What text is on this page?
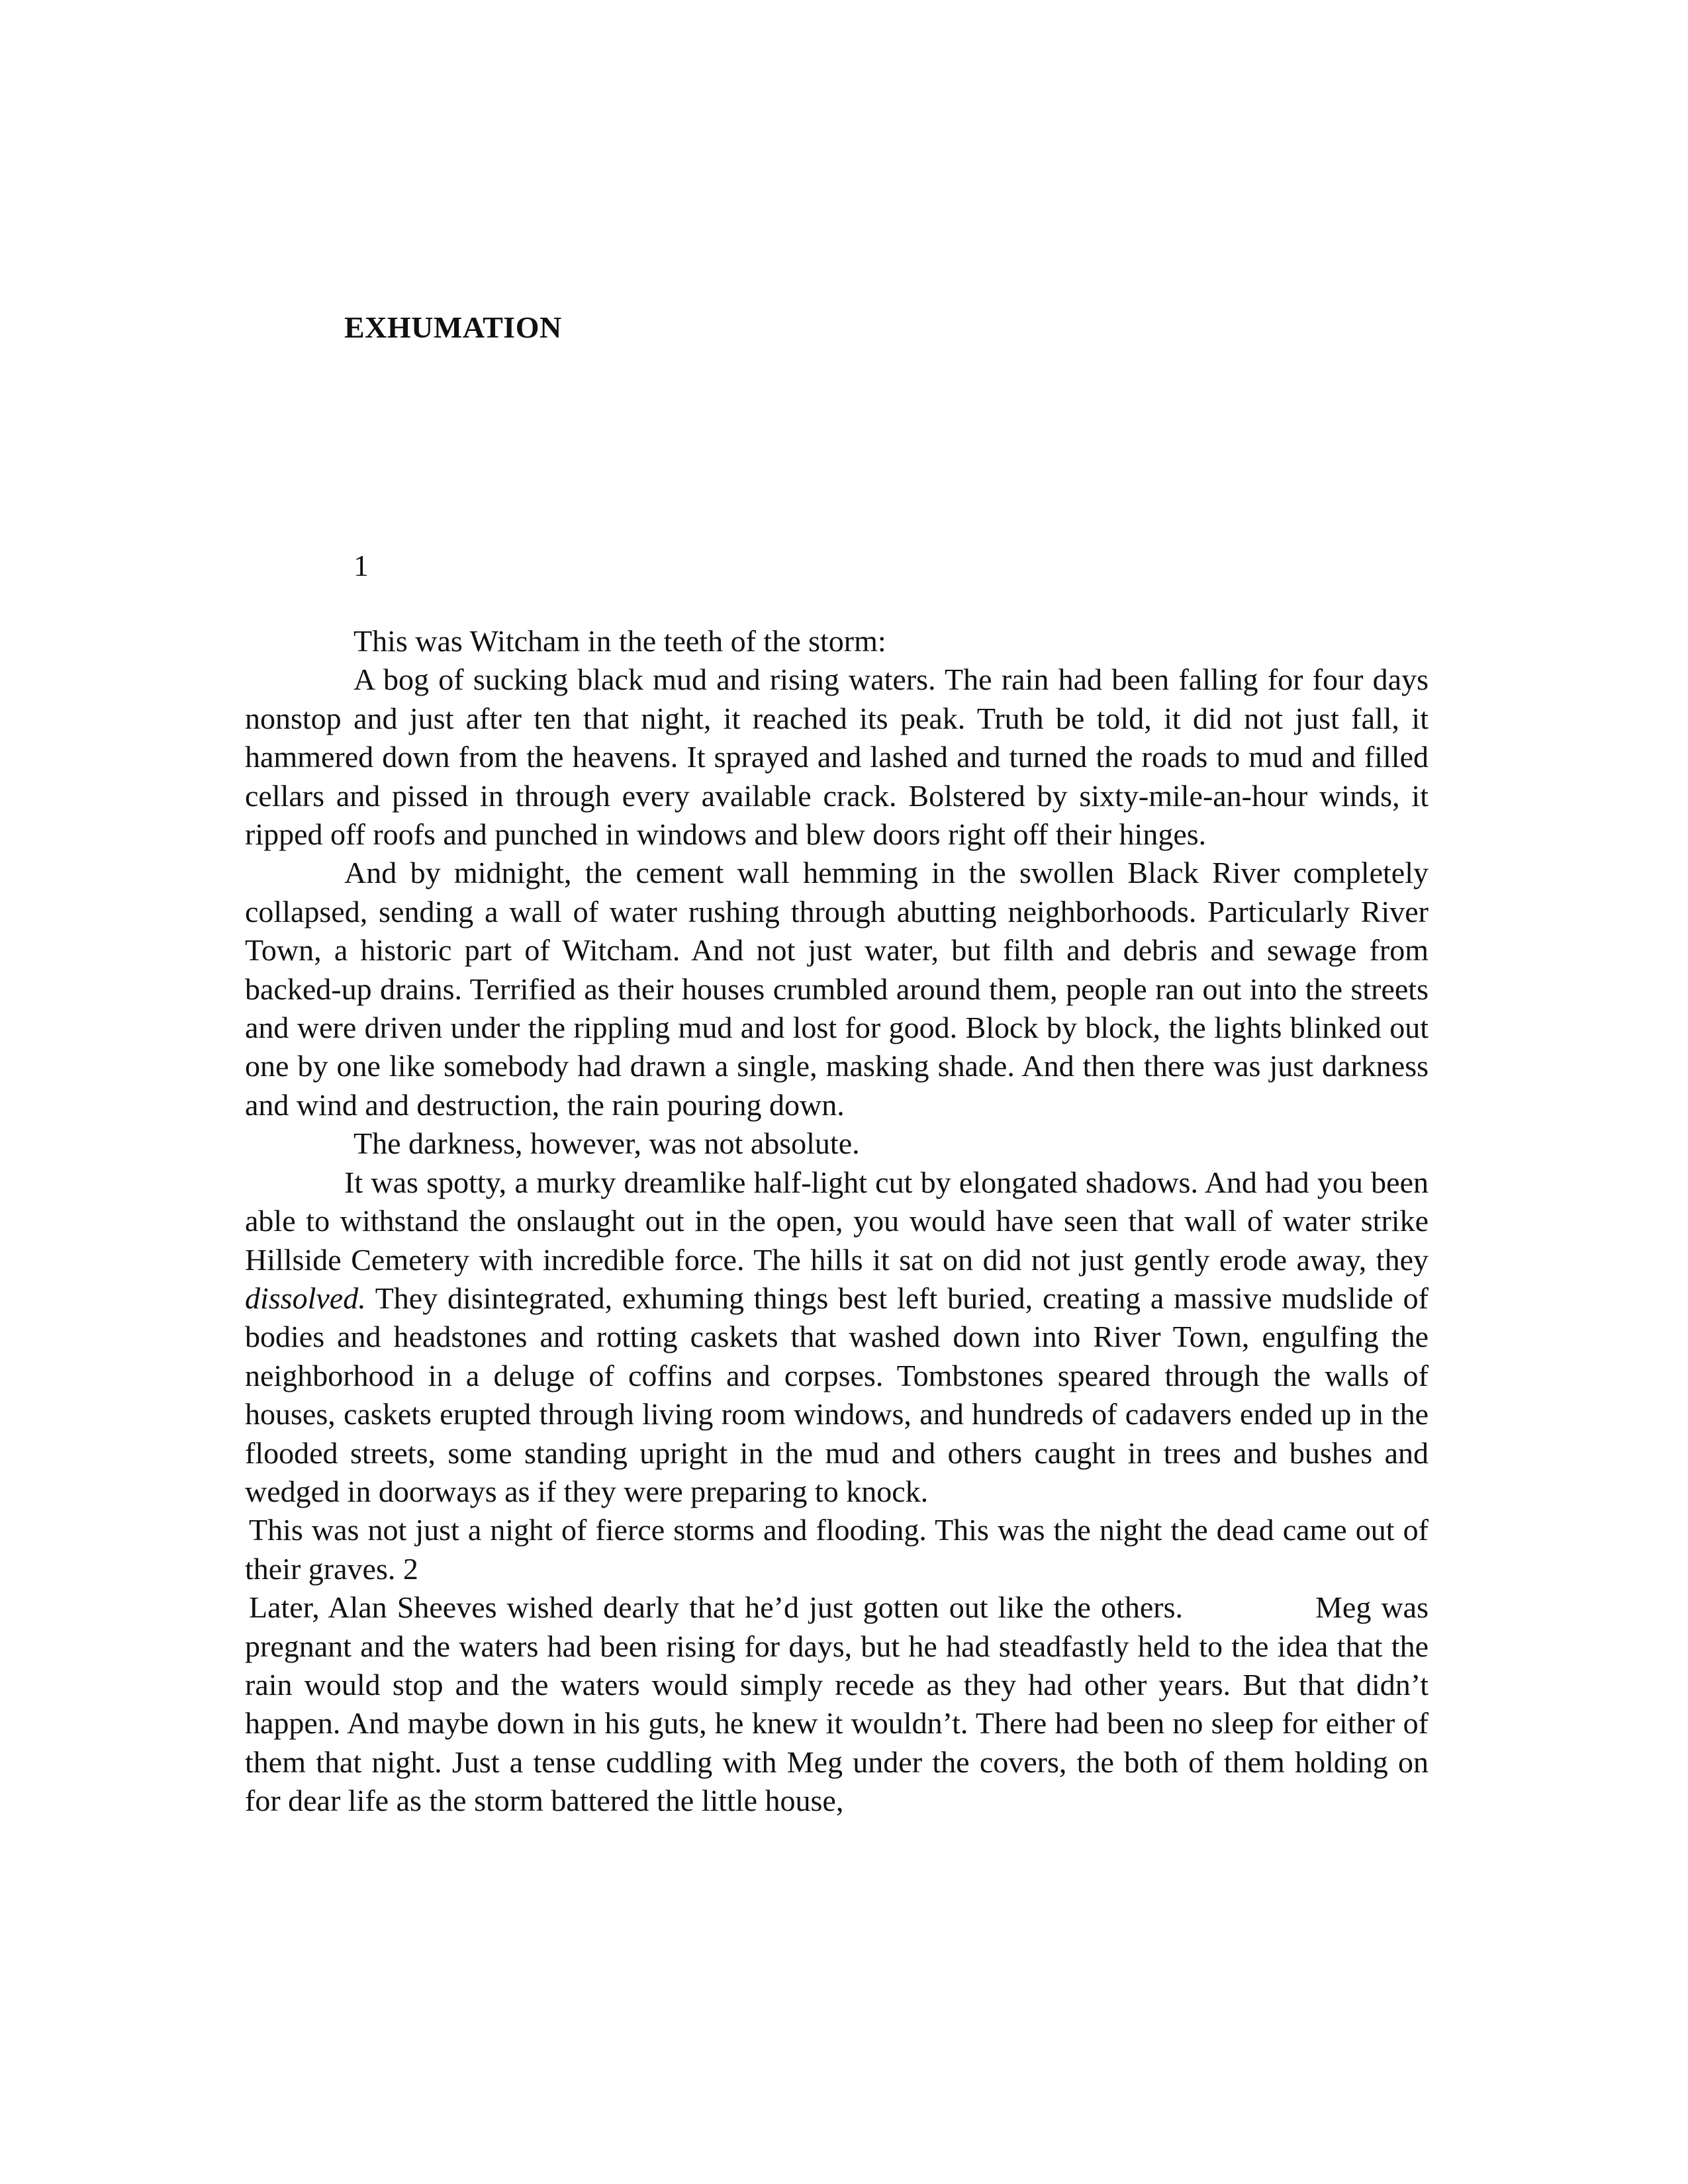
EXHUMATION
1

This was Witcham in the teeth of the storm:

A bog of sucking black mud and rising waters. The rain had been falling for four days nonstop and just after ten that night, it reached its peak. Truth be told, it did not just fall, it hammered down from the heavens. It sprayed and lashed and turned the roads to mud and filled cellars and pissed in through every available crack. Bolstered by sixty-mile-an-hour winds, it ripped off roofs and punched in windows and blew doors right off their hinges.

And by midnight, the cement wall hemming in the swollen Black River completely collapsed, sending a wall of water rushing through abutting neighborhoods. Particularly River Town, a historic part of Witcham. And not just water, but filth and debris and sewage from backed-up drains. Terrified as their houses crumbled around them, people ran out into the streets and were driven under the rippling mud and lost for good. Block by block, the lights blinked out one by one like somebody had drawn a single, masking shade. And then there was just darkness and wind and destruction, the rain pouring down.

The darkness, however, was not absolute.

It was spotty, a murky dreamlike half-light cut by elongated shadows. And had you been able to withstand the onslaught out in the open, you would have seen that wall of water strike Hillside Cemetery with incredible force. The hills it sat on did not just gently erode away, they dissolved. They disintegrated, exhuming things best left buried, creating a massive mudslide of bodies and headstones and rotting caskets that washed down into River Town, engulfing the neighborhood in a deluge of coffins and corpses. Tombstones speared through the walls of houses, caskets erupted through living room windows, and hundreds of cadavers ended up in the flooded streets, some standing upright in the mud and others caught in trees and bushes and wedged in doorways as if they were preparing to knock.

This was not just a night of fierce storms and flooding. This was the night the dead came out of their graves. 2

Later, Alan Sheeves wished dearly that he’d just gotten out like the others.	Meg was pregnant and the waters had been rising for days, but he had steadfastly held to the idea that the rain would stop and the waters would simply recede as they had other years. But that didn’t happen. And maybe down in his guts, he knew it wouldn’t. There had been no sleep for either of them that night. Just a tense cuddling with Meg under the covers, the both of them holding on for dear life as the storm battered the little house,
